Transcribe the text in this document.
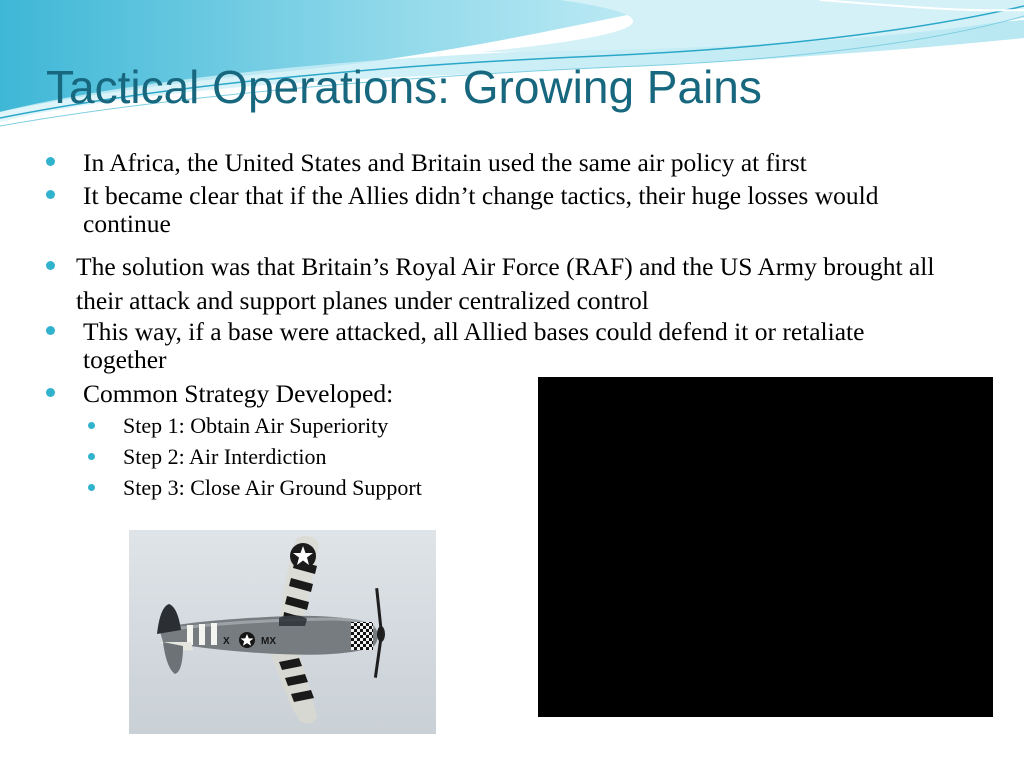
Tactical Operations: Growing Pains
In Africa, the United States and Britain used the same air policy at first
It became clear that if the Allies didn’t change tactics, their huge losses would continue
The solution was that Britain’s Royal Air Force (RAF) and the US Army brought all their attack and support planes under centralized control
This way, if a base were attacked, all Allied bases could defend it or retaliate together
Common Strategy Developed:
Step 1: Obtain Air Superiority
Step 2: Air Interdiction
Step 3: Close Air Ground Support
X	MX
